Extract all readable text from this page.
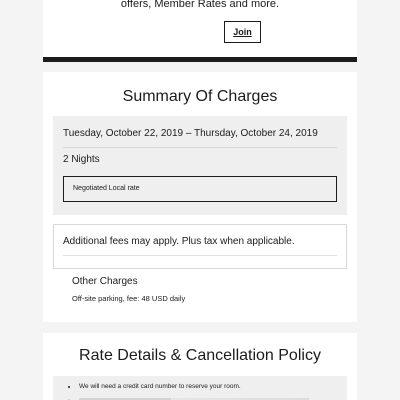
offers, Member Rates and more.
Join
Summary Of Charges
Tuesday, October 22, 2019 – Thursday, October 24, 2019
2 Nights
Negotiated Local rate
Additional fees may apply. Plus tax when applicable.
Other Charges
Off-site parking, fee: 48 USD daily
Rate Details & Cancellation Policy
We will need a credit card number to reserve your room.
